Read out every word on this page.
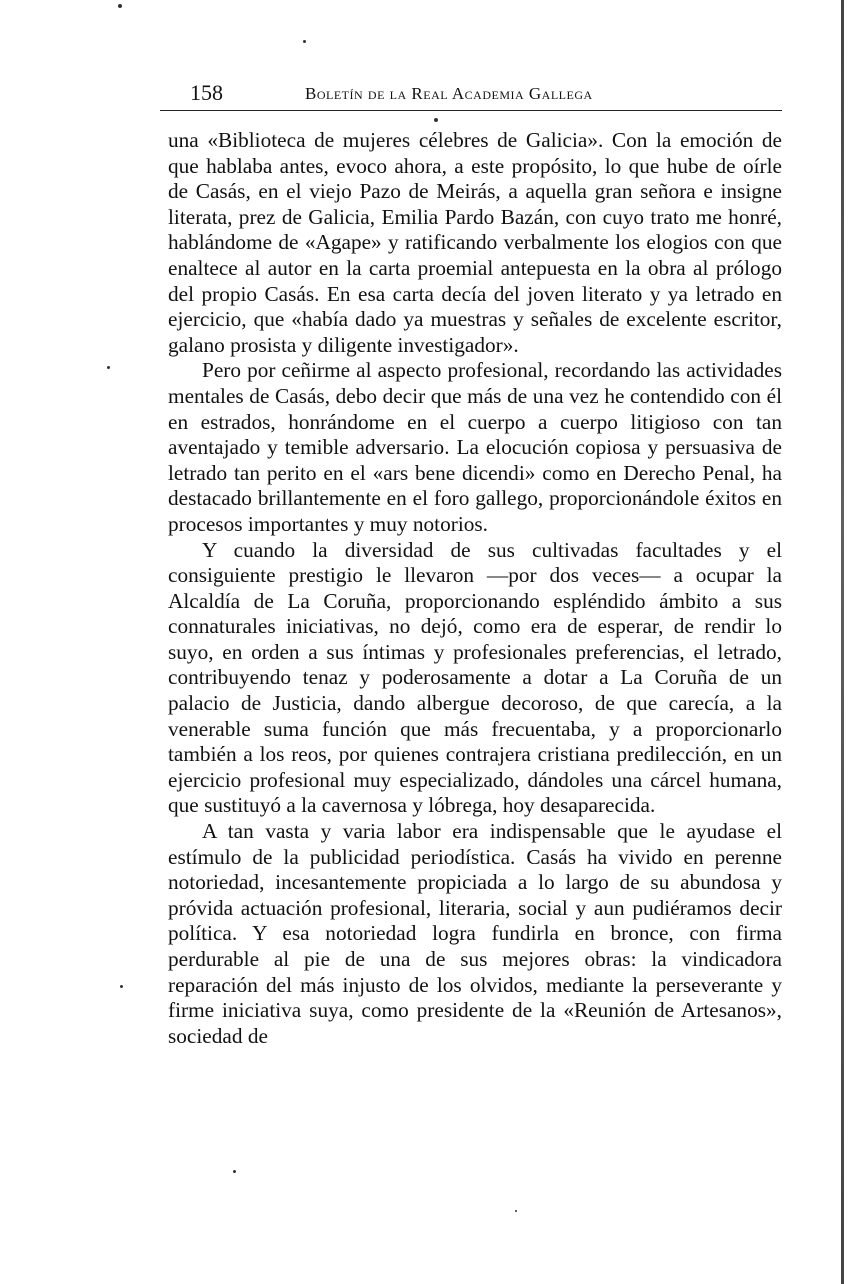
158	Boletín de la Real Academia Gallega

una «Biblioteca de mujeres célebres de Galicia». Con la emoción de que hablaba antes, evoco ahora, a este propósito, lo que hube de oírle de Casás, en el viejo Pazo de Meirás, a aquella gran señora e insigne literata, prez de Galicia, Emilia Pardo Bazán, con cuyo trato me honré, hablándome de «Agape» y ratificando verbalmente los elogios con que enaltece al autor en la carta proemial antepuesta en la obra al prólogo del propio Casás. En esa carta decía del joven literato y ya letrado en ejercicio, que «había dado ya muestras y señales de excelente escritor, galano prosista y diligente investigador».

Pero por ceñirme al aspecto profesional, recordando las actividades mentales de Casás, debo decir que más de una vez he contendido con él en estrados, honrándome en el cuerpo a cuerpo litigioso con tan aventajado y temible adversario. La elocución copiosa y persuasiva de letrado tan perito en el «ars bene dicendi» como en Derecho Penal, ha destacado brillantemente en el foro gallego, proporcionándole éxitos en procesos importantes y muy notorios.

Y cuando la diversidad de sus cultivadas facultades y el consiguiente prestigio le llevaron —por dos veces— a ocupar la Alcaldía de La Coruña, proporcionando espléndido ámbito a sus connaturales iniciativas, no dejó, como era de esperar, de rendir lo suyo, en orden a sus íntimas y profesionales preferencias, el letrado, contribuyendo tenaz y poderosamente a dotar a La Coruña de un palacio de Justicia, dando albergue decoroso, de que carecía, a la venerable suma función que más frecuentaba, y a proporcionarlo también a los reos, por quienes contrajera cristiana predilección, en un ejercicio profesional muy especializado, dándoles una cárcel humana, que sustituyó a la cavernosa y lóbrega, hoy desaparecida.

A tan vasta y varia labor era indispensable que le ayudase el estímulo de la publicidad periodística. Casás ha vivido en perenne notoriedad, incesantemente propiciada a lo largo de su abundosa y próvida actuación profesional, literaria, social y aun pudiéramos decir política. Y esa notoriedad logra fundirla en bronce, con firma perdurable al pie de una de sus mejores obras: la vindicadora reparación del más injusto de los olvidos, mediante la perseverante y firme iniciativa suya, como presidente de la «Reunión de Artesanos», sociedad de
